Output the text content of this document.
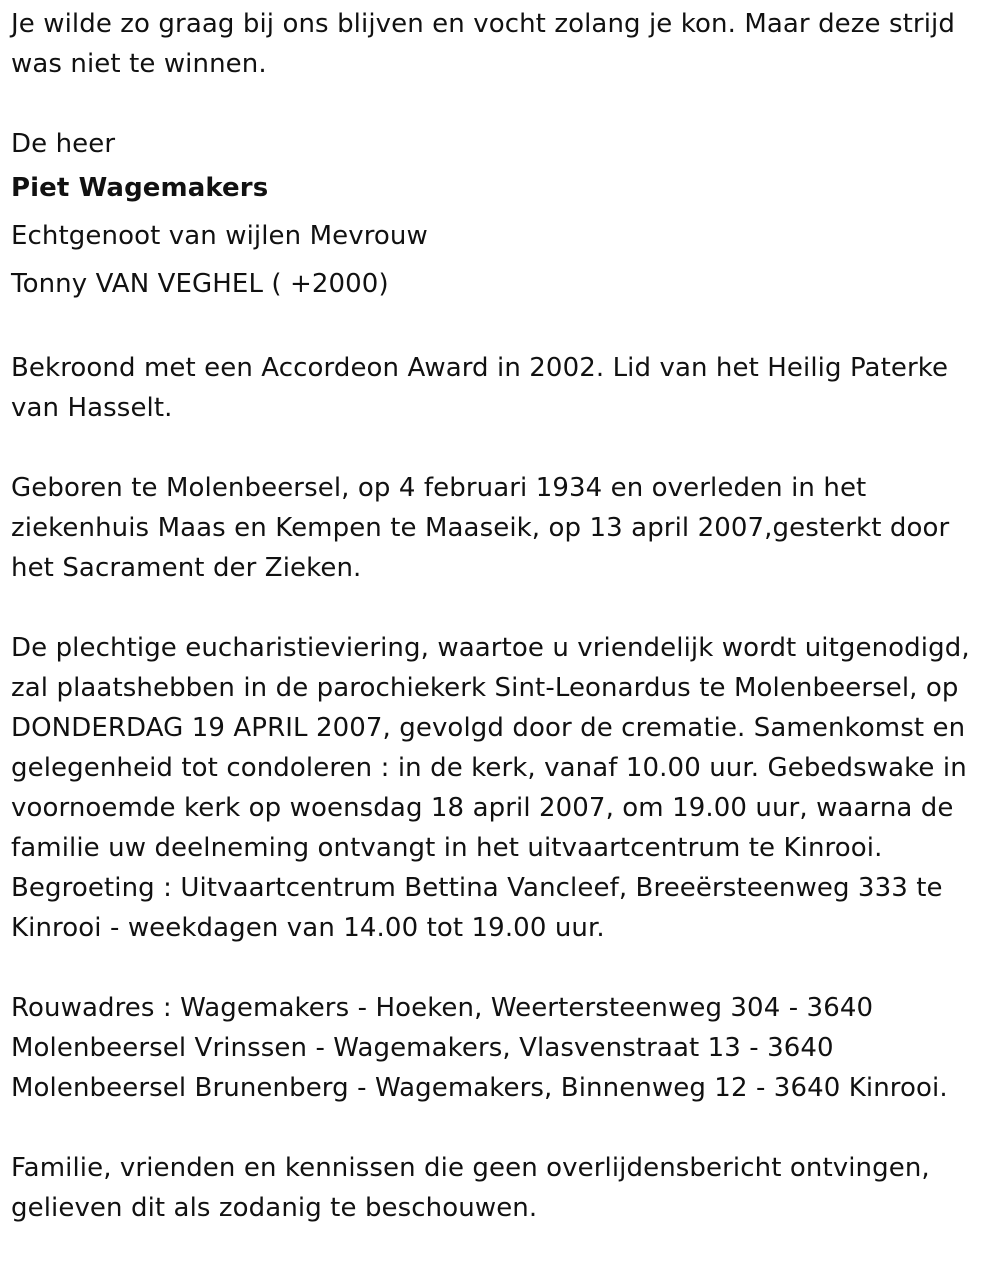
Je wilde zo graag bij ons blijven en vocht zolang je kon. Maar deze strijd
was niet te winnen.
De heer
Piet Wagemakers
Echtgenoot van wijlen Mevrouw
Tonny VAN VEGHEL ( +2000)
Bekroond met een Accordeon Award in 2002. Lid van het Heilig Paterke
van Hasselt.
Geboren te Molenbeersel, op 4 februari 1934 en overleden in het
ziekenhuis Maas en Kempen te Maaseik, op 13 april 2007,gesterkt door
het Sacrament der Zieken.
De plechtige eucharistieviering, waartoe u vriendelijk wordt uitgenodigd,
zal plaatshebben in de parochiekerk Sint-Leonardus te Molenbeersel, op
DONDERDAG 19 APRIL 2007, gevolgd door de crematie. Samenkomst en
gelegenheid tot condoleren : in de kerk, vanaf 10.00 uur. Gebedswake in
voornoemde kerk op woensdag 18 april 2007, om 19.00 uur, waarna de
familie uw deelneming ontvangt in het uitvaartcentrum te Kinrooi.
Begroeting : Uitvaartcentrum Bettina Vancleef, Breeërsteenweg 333 te
Kinrooi - weekdagen van 14.00 tot 19.00 uur.
Rouwadres : Wagemakers - Hoeken, Weertersteenweg 304 - 3640
Molenbeersel Vrinssen - Wagemakers, Vlasvenstraat 13 - 3640
Molenbeersel Brunenberg - Wagemakers, Binnenweg 12 - 3640 Kinrooi.
Familie, vrienden en kennissen die geen overlijdensbericht ontvingen,
gelieven dit als zodanig te beschouwen.
